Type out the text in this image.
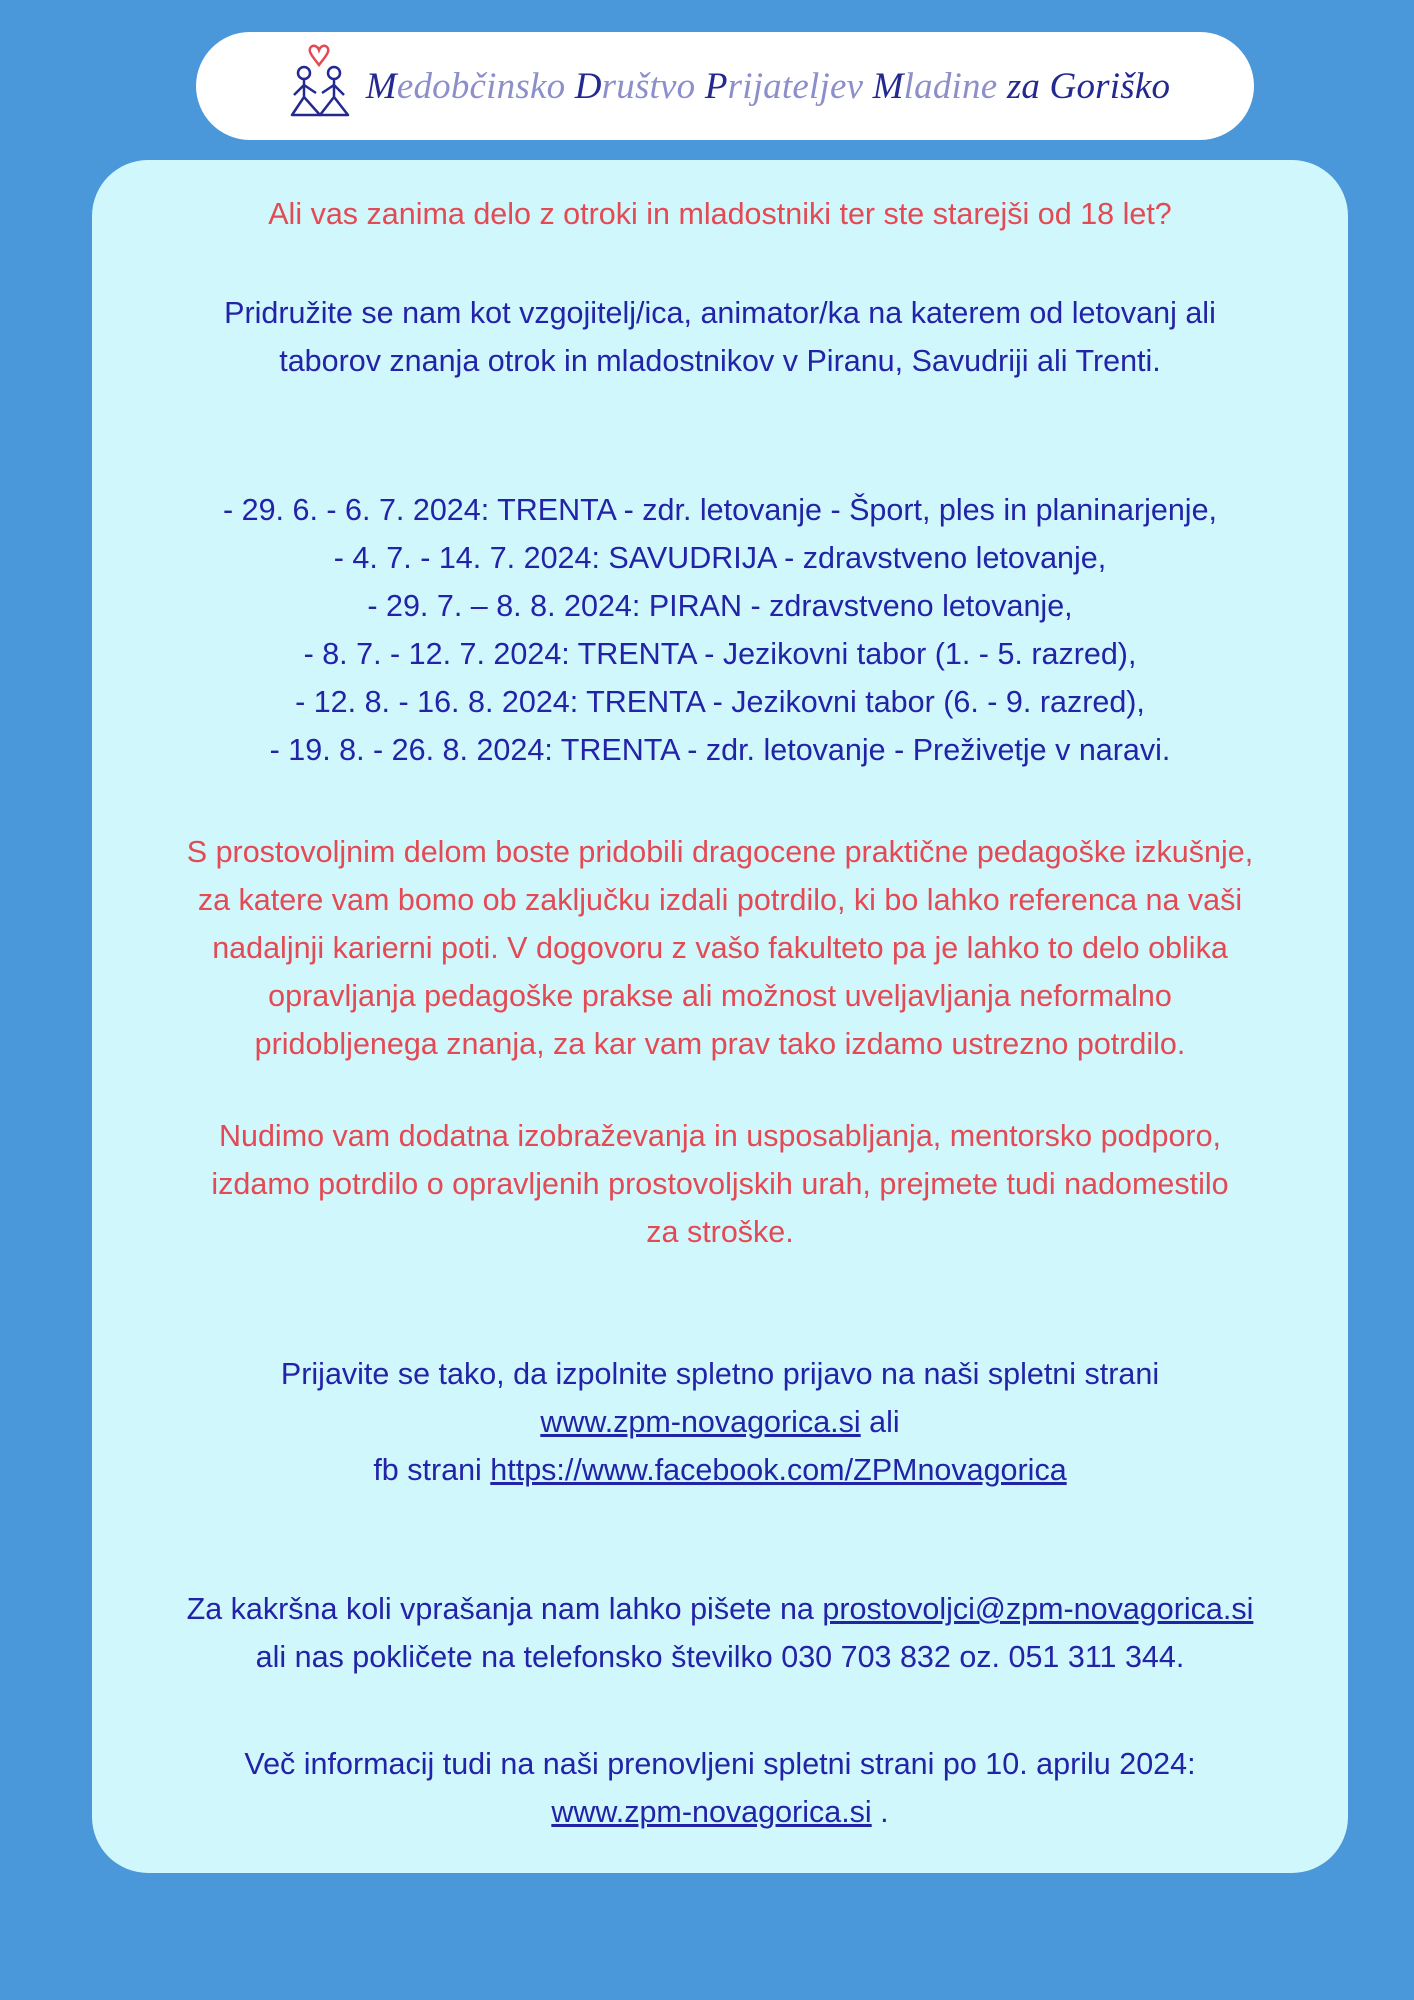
Medobčinsko Društvo Prijateljev Mladine za Goriško

Ali vas zanima delo z otroki in mladostniki ter ste starejši od 18 let?

Pridružite se nam kot vzgojitelj/ica, animator/ka na katerem od letovanj ali

taborov znanja otrok in mladostnikov v Piranu, Savudriji ali Trenti.

- 29. 6. - 6. 7. 2024: TRENTA - zdr. letovanje - Šport, ples in planinarjenje,

- 4. 7. - 14. 7. 2024: SAVUDRIJA - zdravstveno letovanje,

- 29. 7. – 8. 8. 2024: PIRAN - zdravstveno letovanje,

- 8. 7. - 12. 7. 2024: TRENTA - Jezikovni tabor (1. - 5. razred),

- 12. 8. - 16. 8. 2024: TRENTA - Jezikovni tabor (6. - 9. razred),

- 19. 8. - 26. 8. 2024: TRENTA - zdr. letovanje - Preživetje v naravi.

S prostovoljnim delom boste pridobili dragocene praktične pedagoške izkušnje,

za katere vam bomo ob zaključku izdali potrdilo, ki bo lahko referenca na vaši

nadaljnji karierni poti. V dogovoru z vašo fakulteto pa je lahko to delo oblika

opravljanja pedagoške prakse ali možnost uveljavljanja neformalno

pridobljenega znanja, za kar vam prav tako izdamo ustrezno potrdilo.

Nudimo vam dodatna izobraževanja in usposabljanja, mentorsko podporo,

izdamo potrdilo o opravljenih prostovoljskih urah, prejmete tudi nadomestilo

za stroške.

Prijavite se tako, da izpolnite spletno prijavo na naši spletni strani

www.zpm-novagorica.si ali

fb strani https://www.facebook.com/ZPMnovagorica

Za kakršna koli vprašanja nam lahko pišete na prostovoljci@zpm-novagorica.si

ali nas pokličete na telefonsko številko 030 703 832 oz. 051 311 344.

Več informacij tudi na naši prenovljeni spletni strani po 10. aprilu 2024:

www.zpm-novagorica.si .
